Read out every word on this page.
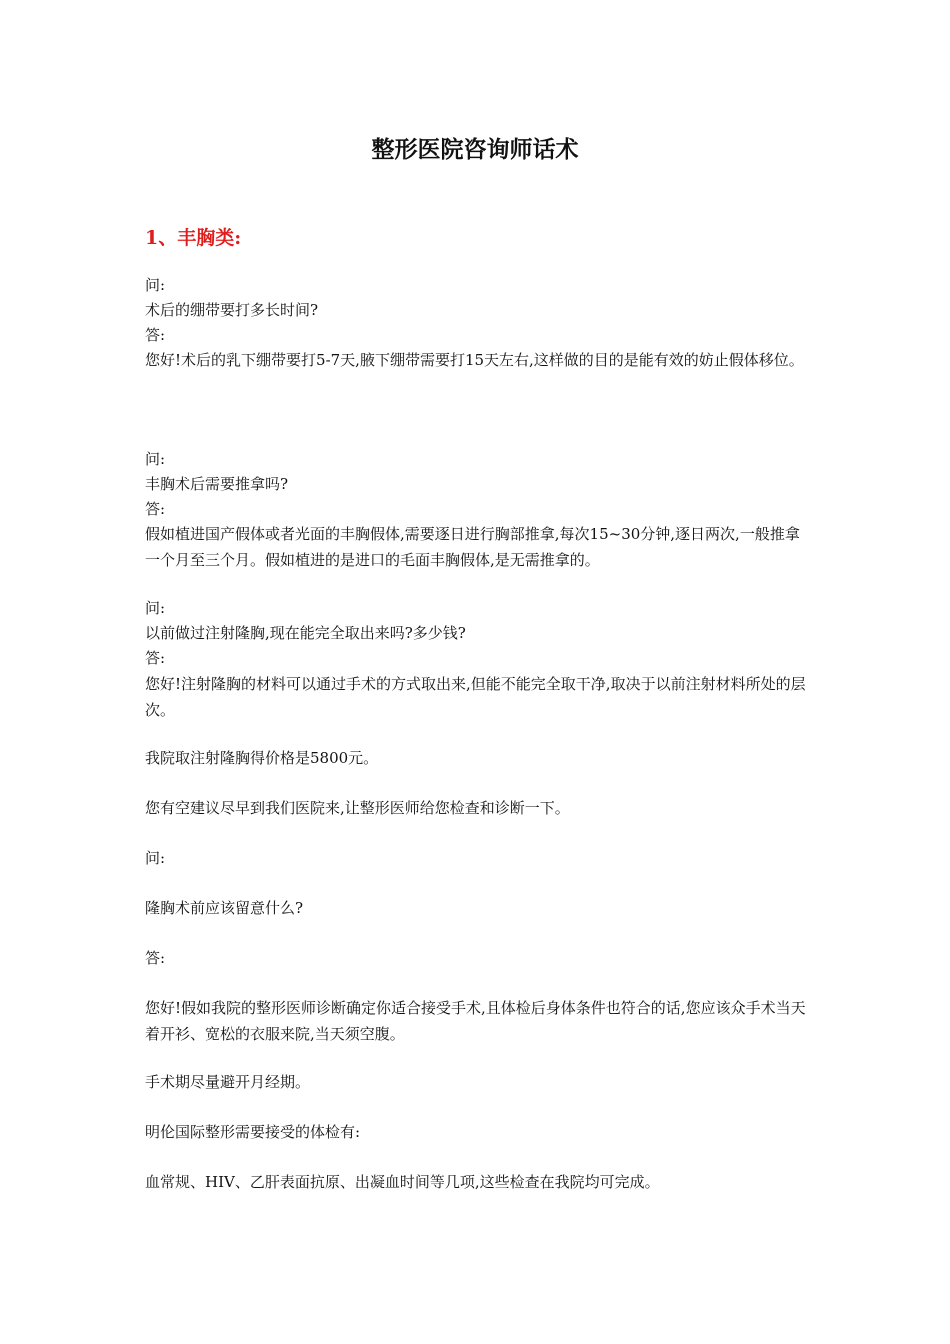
整形医院咨询师话术
1、丰胸类:

问:

术后的绷带要打多长时间?

答:

您好!术后的乳下绷带要打5-7天,腋下绷带需要打15天左右,这样做的目的是能有效的妨止假体移位。

问:

丰胸术后需要推拿吗?

答:

假如植进国产假体或者光面的丰胸假体,需要逐日进行胸部推拿,每次15~30分钟,逐日两次,一般推拿一个月至三个月。假如植进的是进口的毛面丰胸假体,是无需推拿的。

问:

以前做过注射隆胸,现在能完全取出来吗?多少钱?

答:

您好!注射隆胸的材料可以通过手术的方式取出来,但能不能完全取干净,取决于以前注射材料所处的层次。

我院取注射隆胸得价格是5800元。

您有空建议尽早到我们医院来,让整形医师给您检查和诊断一下。

问:

隆胸术前应该留意什么?

答:

您好!假如我院的整形医师诊断确定你适合接受手术,且体检后身体条件也符合的话,您应该众手术当天着开衫、宽松的衣服来院,当天须空腹。

手术期尽量避开月经期。

明伦国际整形需要接受的体检有:

血常规、HIV、乙肝表面抗原、出凝血时间等几项,这些检查在我院均可完成。
